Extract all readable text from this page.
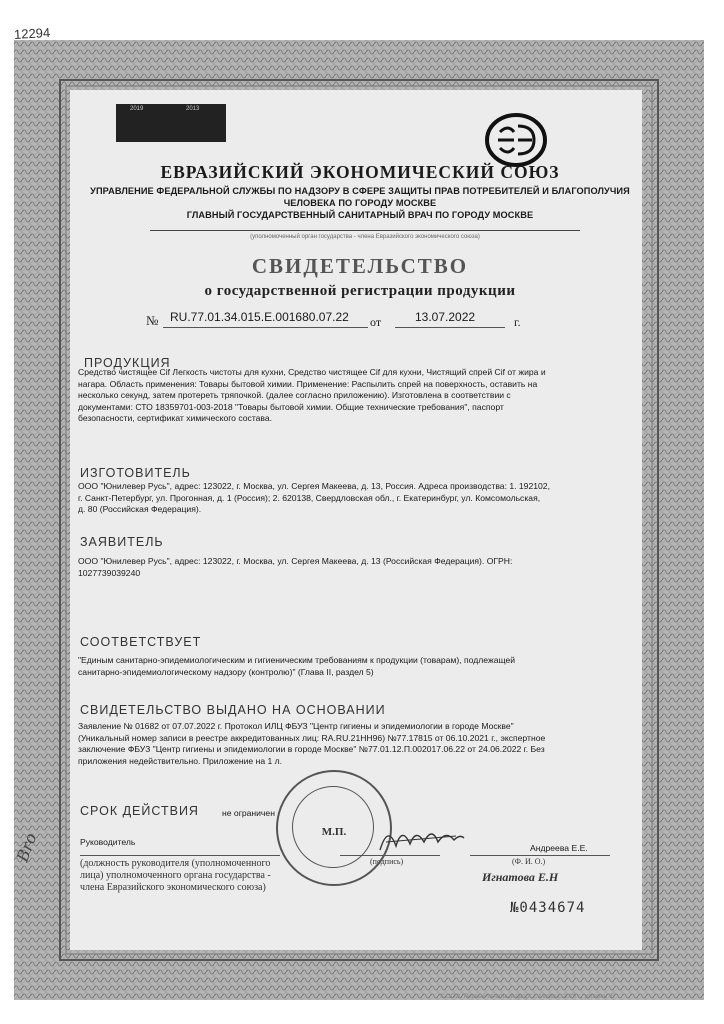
12294
2019	2013
ЕВРАЗИЙСКИЙ ЭКОНОМИЧЕСКИЙ СОЮЗ
УПРАВЛЕНИЕ ФЕДЕРАЛЬНОЙ СЛУЖБЫ ПО НАДЗОРУ В СФЕРЕ ЗАЩИТЫ ПРАВ ПОТРЕБИТЕЛЕЙ И БЛАГОПОЛУЧИЯ
ЧЕЛОВЕКА ПО ГОРОДУ МОСКВЕ
ГЛАВНЫЙ ГОСУДАРСТВЕННЫЙ САНИТАРНЫЙ ВРАЧ ПО ГОРОДУ МОСКВЕ
(уполномоченный орган государства - члена Евразийского экономического союза)
СВИДЕТЕЛЬСТВО
о государственной регистрации продукции
№ RU.77.01.34.015.Е.001680.07.22 от	13.07.2022	г.
ПРОДУКЦИЯ
Средство чистящее Cif Легкость чистоты для кухни, Средство чистящее Cif для кухни, Чистящий спрей Cif от жира и
нагара. Область применения: Товары бытовой химии. Применение: Распылить спрей на поверхность, оставить на
несколько секунд, затем протереть тряпочкой. (далее согласно приложению). Изготовлена в соответствии с
документами: СТО 18359701-003-2018 "Товары бытовой химии. Общие технические требования", паспорт
безопасности, сертификат химического состава.
ИЗГОТОВИТЕЛЬ
ООО "Юнилевер Русь", адрес: 123022, г. Москва, ул. Сергея Макеева, д. 13, Россия. Адреса производства: 1. 192102,
г. Санкт-Петербург, ул. Прогонная, д. 1 (Россия); 2. 620138, Свердловская обл., г. Екатеринбург, ул. Комсомольская,
д. 80 (Российская Федерация).
ЗАЯВИТЕЛЬ
ООО "Юнилевер Русь", адрес: 123022, г. Москва, ул. Сергея Макеева, д. 13 (Российская Федерация). ОГРН:
1027739039240
СООТВЕТСТВУЕТ
"Единым санитарно-эпидемиологическим и гигиеническим требованиям к продукции (товарам), подлежащей
санитарно-эпидемиологическому надзору (контролю)" (Глава II, раздел 5)
СВИДЕТЕЛЬСТВО ВЫДАНО НА ОСНОВАНИИ
Заявление № 01682 от 07.07.2022 г. Протокол ИЛЦ ФБУЗ "Центр гигиены и эпидемиологии в городе Москве"
(Уникальный номер записи в реестре аккредитованных лиц: RA.RU.21НН96) №77.17815 от 06.10.2021 г., экспертное
заключение ФБУЗ "Центр гигиены и эпидемиологии в городе Москве" №77.01.12.П.002017.06.22 от 24.06.2022 г. Без
приложения недействительно. Приложение на 1 л.
СРОК ДЕЙСТВИЯ	не ограничен
Руководитель
Андреева Е.Е.
(должность руководителя (уполномоченного
лица) уполномоченного органа государства -
члена Евразийского экономического союза)
(подпись)	(Ф. И. О.)
Игнатова Е.Н
М.П.
Bro
№0434674
© ООО "Первый печатный двор", г. Москва, 2020 г., уровень "Б"
